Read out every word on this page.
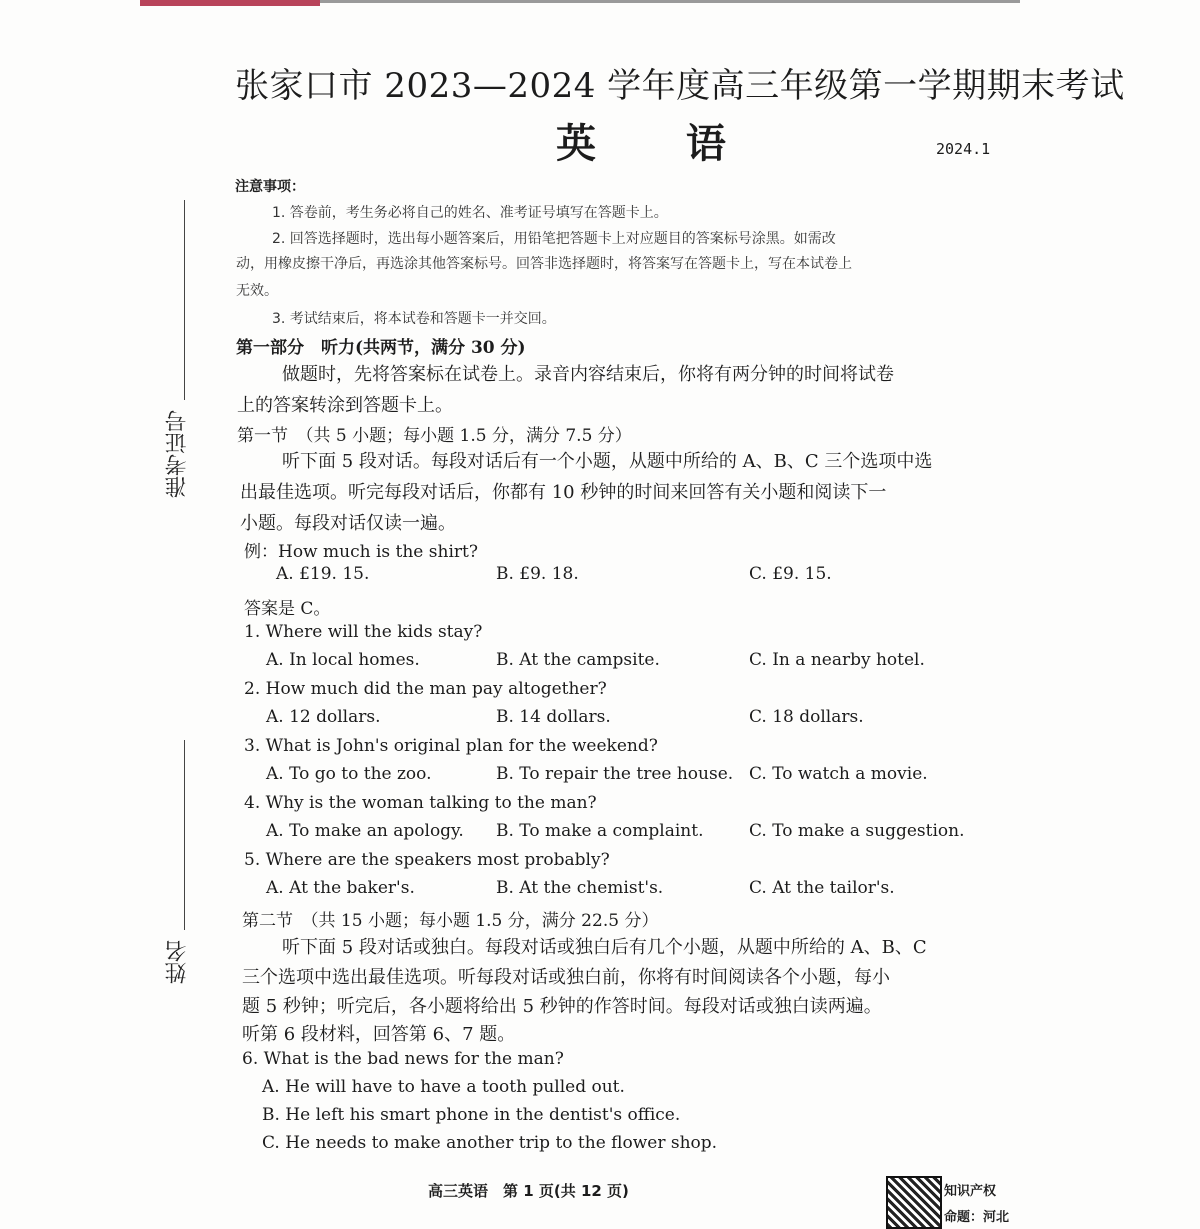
准考证号
姓名
张家口市 2023—2024 学年度高三年级第一学期期末考试
英 语	2024.1
注意事项：
1. 答卷前，考生务必将自己的姓名、准考证号填写在答题卡上。
2. 回答选择题时，选出每小题答案后，用铅笔把答题卡上对应题目的答案标号涂黑。如需改
动，用橡皮擦干净后，再选涂其他答案标号。回答非选择题时，将答案写在答题卡上，写在本试卷上
无效。
3. 考试结束后，将本试卷和答题卡一并交回。
第一部分　听力(共两节，满分 30 分)
做题时，先将答案标在试卷上。录音内容结束后，你将有两分钟的时间将试卷
上的答案转涂到答题卡上。
第一节　（共 5 小题；每小题 1.5 分，满分 7.5 分）
听下面 5 段对话。每段对话后有一个小题，从题中所给的 A、B、C 三个选项中选
出最佳选项。听完每段对话后，你都有 10 秒钟的时间来回答有关小题和阅读下一
小题。每段对话仅读一遍。
例：How much is the shirt?
A. £19. 15.	B. £9. 18.	C. £9. 15.
答案是 C。
1. Where will the kids stay?
A. In local homes.	B. At the campsite.	C. In a nearby hotel.
2. How much did the man pay altogether?
A. 12 dollars.	B. 14 dollars.	C. 18 dollars.
3. What is John's original plan for the weekend?
A. To go to the zoo.	B. To repair the tree house. C. To watch a movie.
4. Why is the woman talking to the man?
A. To make an apology. B. To make a complaint.	C. To make a suggestion.
5. Where are the speakers most probably?
A. At the baker's.	B. At the chemist's.	C. At the tailor's.
第二节　（共 15 小题；每小题 1.5 分，满分 22.5 分）
听下面 5 段对话或独白。每段对话或独白后有几个小题，从题中所给的 A、B、C
三个选项中选出最佳选项。听每段对话或独白前，你将有时间阅读各个小题，每小
题 5 秒钟；听完后，各小题将给出 5 秒钟的作答时间。每段对话或独白读两遍。
听第 6 段材料，回答第 6、7 题。
6. What is the bad news for the man?
A. He will have to have a tooth pulled out.
B. He left his smart phone in the dentist's office.
C. He needs to make another trip to the flower shop.
高三英语　第 1 页(共 12 页)	知识产权
命题：河北
